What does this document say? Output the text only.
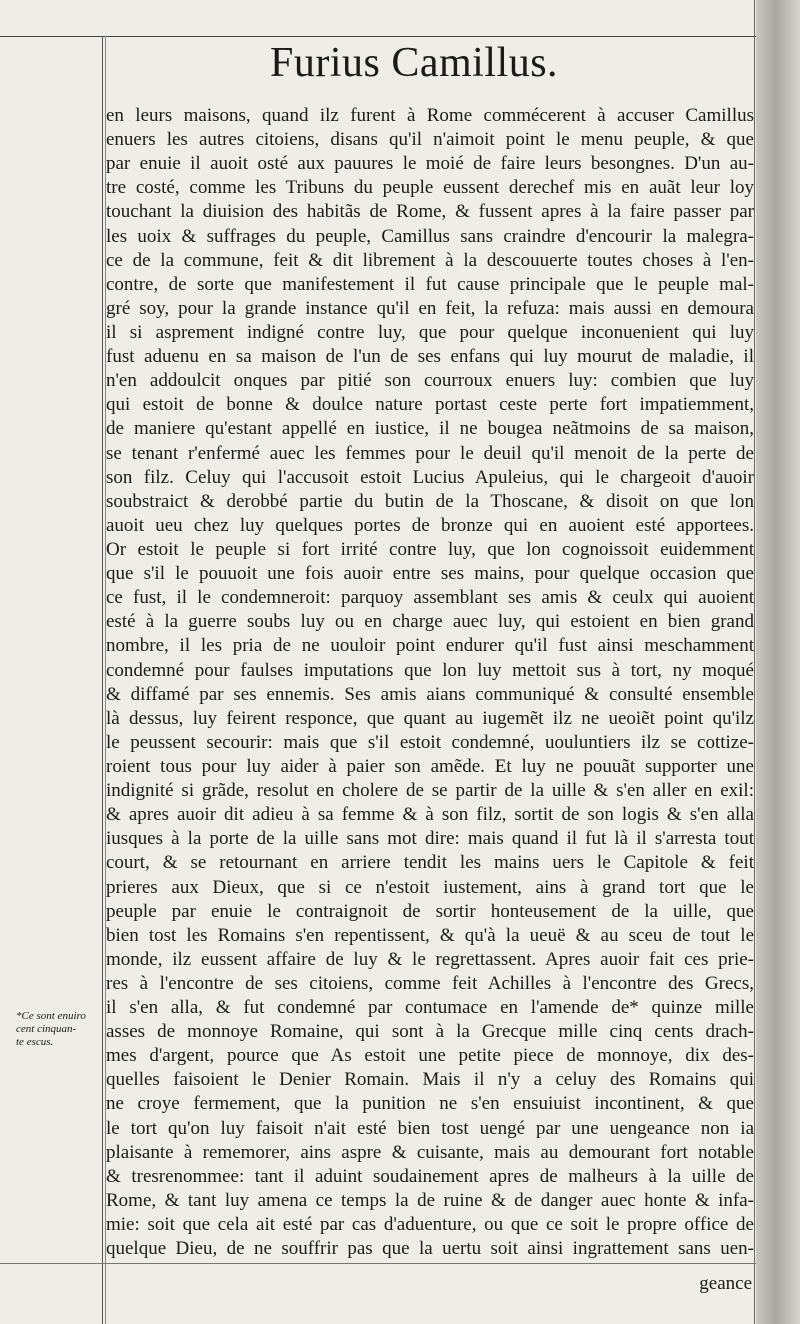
Furius Camillus.
en leurs maisons, quand ilz furent à Rome commécerent à accuser Camillus
enuers les autres citoiens, disans qu'il n'aimoit point le menu peuple, & que
par enuie il auoit osté aux pauures le moié de faire leurs besongnes. D'un au-
tre costé, comme les Tribuns du peuple eussent derechef mis en auãt leur loy
touchant la diuision des habitãs de Rome, & fussent apres à la faire passer par
les uoix & suffrages du peuple, Camillus sans craindre d'encourir la malegra-
ce de la commune, feit & dit librement à la descouuerte toutes choses à l'en-
contre, de sorte que manifestement il fut cause principale que le peuple mal-
gré soy, pour la grande instance qu'il en feit, la refuza: mais aussi en demoura
il si asprement indigné contre luy, que pour quelque inconuenient qui luy
fust aduenu en sa maison de l'un de ses enfans qui luy mourut de maladie, il
n'en addoulcit onques par pitié son courroux enuers luy: combien que luy
qui estoit de bonne & doulce nature portast ceste perte fort impatiemment,
de maniere qu'estant appellé en iustice, il ne bougea neãtmoins de sa maison,
se tenant r'enfermé auec les femmes pour le deuil qu'il menoit de la perte de
son filz. Celuy qui l'accusoit estoit Lucius Apuleius, qui le chargeoit d'auoir
soubstraict & derobbé partie du butin de la Thoscane, & disoit on que lon
auoit ueu chez luy quelques portes de bronze qui en auoient esté apportees.
Or estoit le peuple si fort irrité contre luy, que lon cognoissoit euidemment
que s'il le pouuoit une fois auoir entre ses mains, pour quelque occasion que
ce fust, il le condemneroit: parquoy assemblant ses amis & ceulx qui auoient
esté à la guerre soubs luy ou en charge auec luy, qui estoient en bien grand
nombre, il les pria de ne uouloir point endurer qu'il fust ainsi meschamment
condemné pour faulses imputations que lon luy mettoit sus à tort, ny moqué
& diffamé par ses ennemis. Ses amis aians communiqué & consulté ensemble
là dessus, luy feirent responce, que quant au iugemẽt ilz ne ueoiẽt point qu'ilz
le peussent secourir: mais que s'il estoit condemné, uouluntiers ilz se cottize-
roient tous pour luy aider à paier son amẽde. Et luy ne pouuãt supporter une
indignité si grãde, resolut en cholere de se partir de la uille & s'en aller en exil:
& apres auoir dit adieu à sa femme & à son filz, sortit de son logis & s'en alla
iusques à la porte de la uille sans mot dire: mais quand il fut là il s'arresta tout
court, & se retournant en arriere tendit les mains uers le Capitole & feit
prieres aux Dieux, que si ce n'estoit iustement, ains à grand tort que le
peuple par enuie le contraignoit de sortir honteusement de la uille, que
bien tost les Romains s'en repentissent, & qu'à la ueuë & au sceu de tout le
monde, ilz eussent affaire de luy & le regrettassent. Apres auoir fait ces prie-
res à l'encontre de ses citoiens, comme feit Achilles à l'encontre des Grecs,
il s'en alla, & fut condemné par contumace en l'amende de* quinze mille
asses de monnoye Romaine, qui sont à la Grecque mille cinq cents drach-
mes d'argent, pource que As estoit une petite piece de monnoye, dix des-
quelles faisoient le Denier Romain. Mais il n'y a celuy des Romains qui
ne croye fermement, que la punition ne s'en ensuiuist incontinent, & que
le tort qu'on luy faisoit n'ait esté bien tost uengé par une uengeance non ia
plaisante à rememorer, ains aspre & cuisante, mais au demourant fort notable
& tresrenommee: tant il aduint soudainement apres de malheurs à la uille de
Rome, & tant luy amena ce temps la de ruine & de danger auec honte & infa-
mie: soit que cela ait esté par cas d'aduenture, ou que ce soit le propre office de
quelque Dieu, de ne souffrir pas que la uertu soit ainsi ingrattement sans uen-
geance
*Ce sont enuiro
cent cinquan-
te escus.
